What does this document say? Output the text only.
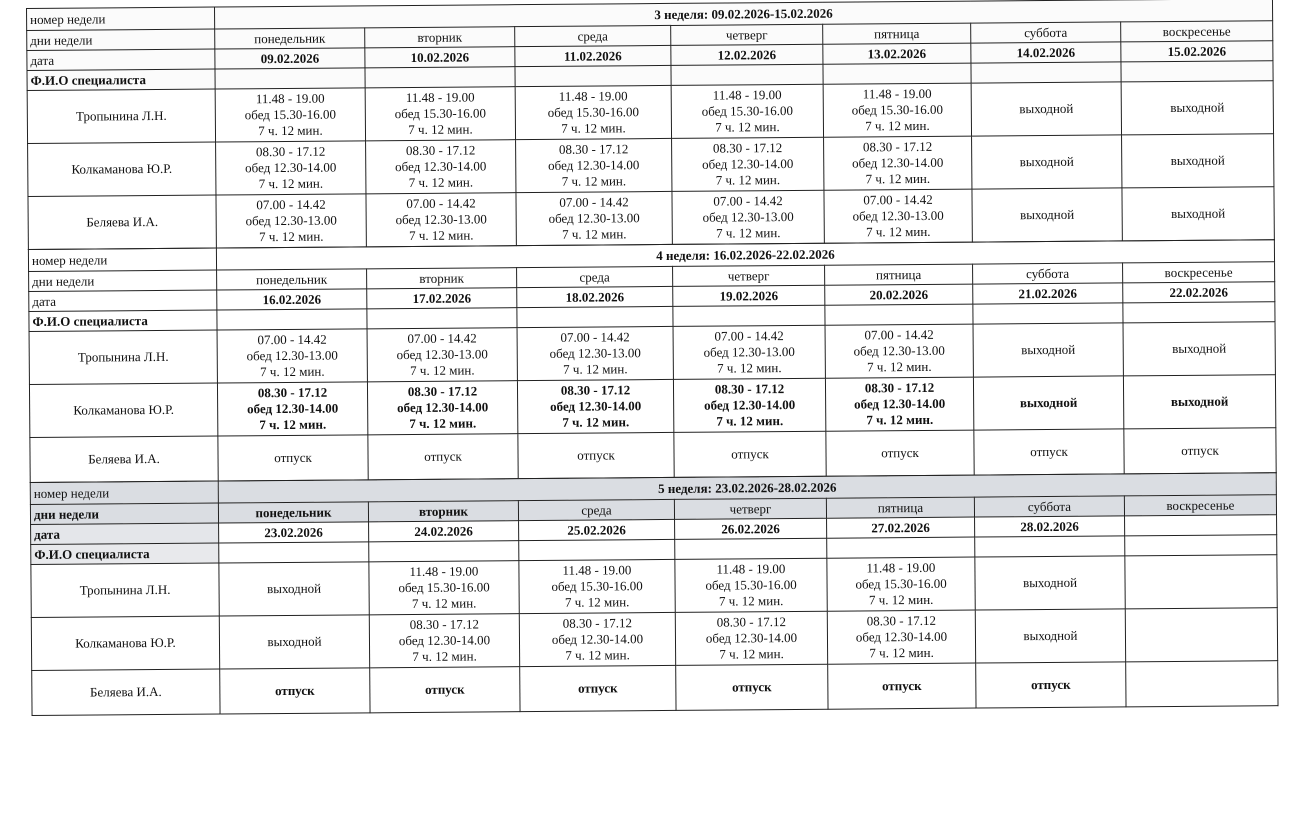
номер недели	3 неделя: 09.02.2026-15.02.2026						
дни недели	понедельник	вторник	среда	четверг	пятница	суббота	воскресенье
дата	09.02.2026	10.02.2026	11.02.2026	12.02.2026	13.02.2026	14.02.2026	15.02.2026
Ф.И.О специалиста							
Тропынина Л.Н.	11.48 - 19.00
обед 15.30-16.00
7 ч. 12 мин.	11.48 - 19.00
обед 15.30-16.00
7 ч. 12 мин.	11.48 - 19.00
обед 15.30-16.00
7 ч. 12 мин.	11.48 - 19.00
обед 15.30-16.00
7 ч. 12 мин.	11.48 - 19.00
обед 15.30-16.00
7 ч. 12 мин.	выходной	выходной
Колкаманова Ю.Р.	08.30 - 17.12
обед 12.30-14.00
7 ч. 12 мин.	08.30 - 17.12
обед 12.30-14.00
7 ч. 12 мин.	08.30 - 17.12
обед 12.30-14.00
7 ч. 12 мин.	08.30 - 17.12
обед 12.30-14.00
7 ч. 12 мин.	08.30 - 17.12
обед 12.30-14.00
7 ч. 12 мин.	выходной	выходной
Беляева И.А.	07.00 - 14.42
обед 12.30-13.00
7 ч. 12 мин.	07.00 - 14.42
обед 12.30-13.00
7 ч. 12 мин.	07.00 - 14.42
обед 12.30-13.00
7 ч. 12 мин.	07.00 - 14.42
обед 12.30-13.00
7 ч. 12 мин.	07.00 - 14.42
обед 12.30-13.00
7 ч. 12 мин.	выходной	выходной
номер недели	4 неделя: 16.02.2026-22.02.2026						
дни недели	понедельник	вторник	среда	четверг	пятница	суббота	воскресенье
дата	16.02.2026	17.02.2026	18.02.2026	19.02.2026	20.02.2026	21.02.2026	22.02.2026
Ф.И.О специалиста							
Тропынина Л.Н.	07.00 - 14.42
обед 12.30-13.00
7 ч. 12 мин.	07.00 - 14.42
обед 12.30-13.00
7 ч. 12 мин.	07.00 - 14.42
обед 12.30-13.00
7 ч. 12 мин.	07.00 - 14.42
обед 12.30-13.00
7 ч. 12 мин.	07.00 - 14.42
обед 12.30-13.00
7 ч. 12 мин.	выходной	выходной
Колкаманова Ю.Р.	08.30 - 17.12
обед 12.30-14.00
7 ч. 12 мин.	08.30 - 17.12
обед 12.30-14.00
7 ч. 12 мин.	08.30 - 17.12
обед 12.30-14.00
7 ч. 12 мин.	08.30 - 17.12
обед 12.30-14.00
7 ч. 12 мин.	08.30 - 17.12
обед 12.30-14.00
7 ч. 12 мин.	выходной	выходной
Беляева И.А.	отпуск	отпуск	отпуск	отпуск	отпуск	отпуск	отпуск
номер недели	5 неделя: 23.02.2026-28.02.2026						
дни недели	понедельник	вторник	среда	четверг	пятница	суббота	воскресенье
дата	23.02.2026	24.02.2026	25.02.2026	26.02.2026	27.02.2026	28.02.2026	
Ф.И.О специалиста							
Тропынина Л.Н.	выходной	11.48 - 19.00
обед 15.30-16.00
7 ч. 12 мин.	11.48 - 19.00
обед 15.30-16.00
7 ч. 12 мин.	11.48 - 19.00
обед 15.30-16.00
7 ч. 12 мин.	11.48 - 19.00
обед 15.30-16.00
7 ч. 12 мин.	выходной	
Колкаманова Ю.Р.	выходной	08.30 - 17.12
обед 12.30-14.00
7 ч. 12 мин.	08.30 - 17.12
обед 12.30-14.00
7 ч. 12 мин.	08.30 - 17.12
обед 12.30-14.00
7 ч. 12 мин.	08.30 - 17.12
обед 12.30-14.00
7 ч. 12 мин.	выходной	
Беляева И.А.	отпуск	отпуск	отпуск	отпуск	отпуск	отпуск	
